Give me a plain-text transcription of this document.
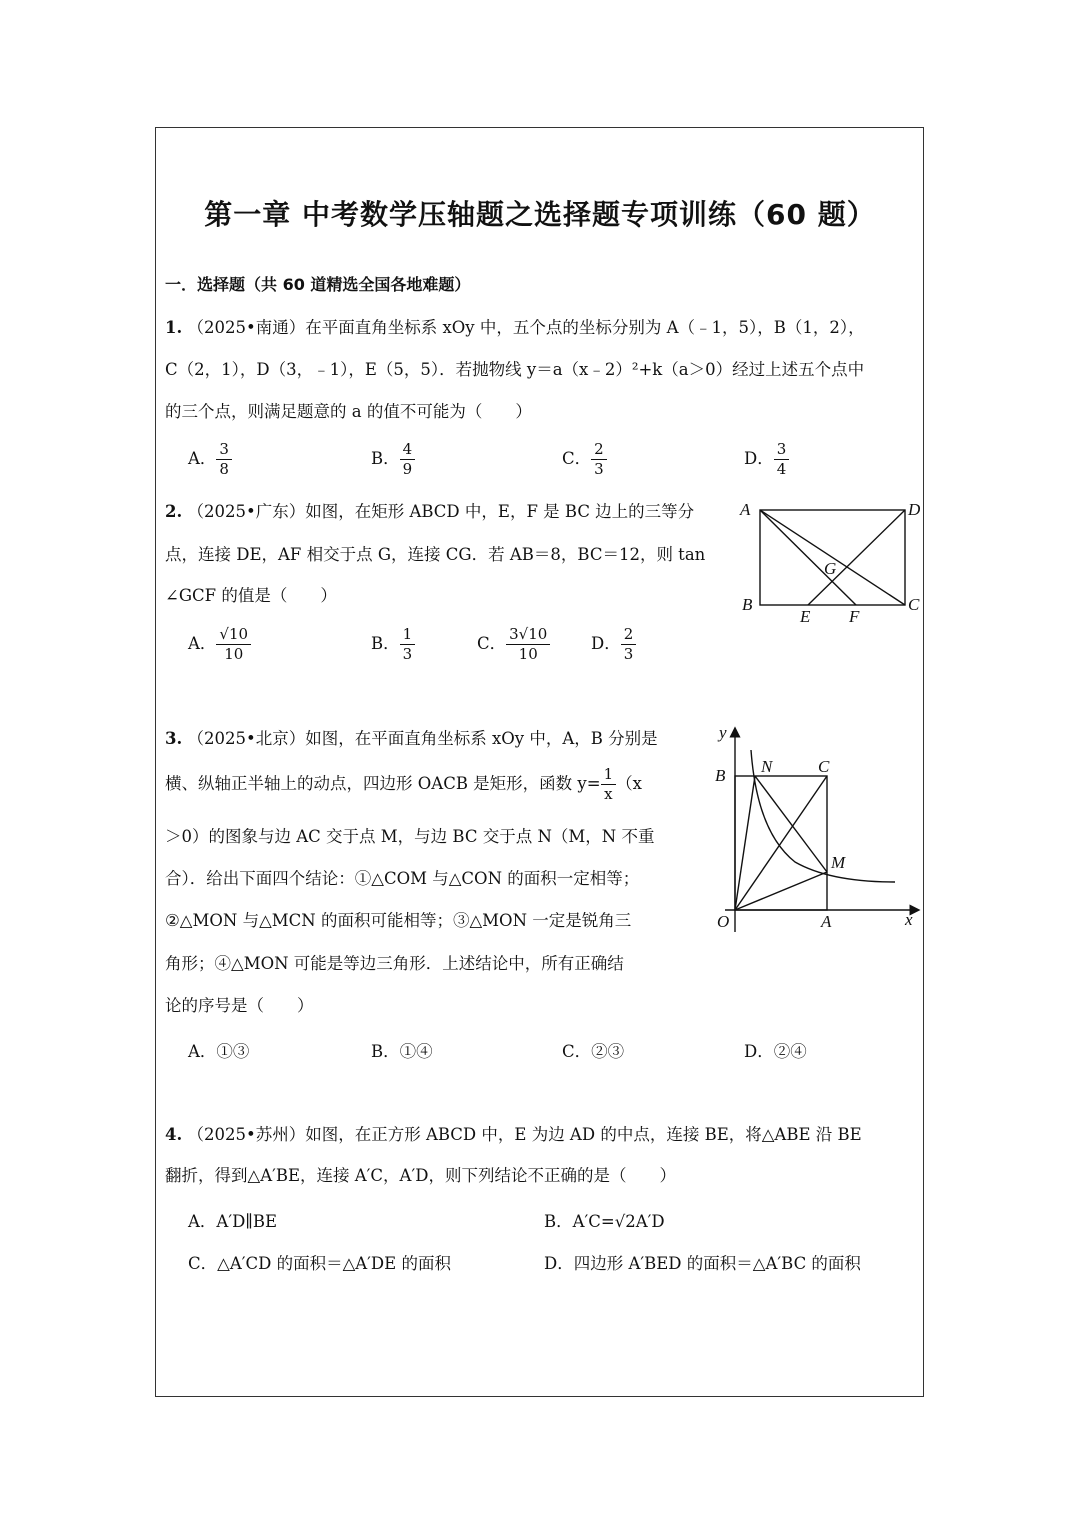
第一章 中考数学压轴题之选择题专项训练（60 题）
一．选择题（共 60 道精选全国各地难题）
1. （2025•南通）在平面直角坐标系 xOy 中，五个点的坐标分别为 A（﹣1，5），B（1，2），
C（2，1），D（3，﹣1），E（5，5）．若抛物线 y＝a（x﹣2）²+k（a＞0）经过上述五个点中
的三个点，则满足题意的 a 的值不可能为（　　）
A． $\frac{3}{8}$	B． $\frac{4}{9}$	C． $\frac{2}{3}$	D． $\frac{3}{4}$
2. （2025•广东）如图，在矩形 ABCD 中，E，F 是 BC 边上的三等分
点，连接 DE，AF 相交于点 G，连接 CG．若 AB＝8，BC＝12，则 tan
∠GCF 的值是（　　）
A	D
B	C
E F
G
A． $\frac{√10}{10}$	B． $\frac{1}{3}$	C． $\frac{3√10}{10}$ D． $\frac{2}{3}$
3. （2025•北京）如图，在平面直角坐标系 xOy 中，A，B 分别是
横、纵轴正半轴上的动点，四边形 OACB 是矩形，函数 $y= \frac{1}{x} (x$
＞0）的图象与边 AC 交于点 M，与边 BC 交于点 N（M，N 不重
合）．给出下面四个结论：①△COM 与△CON 的面积一定相等；
②△MON 与△MCN 的面积可能相等；③△MON 一定是锐角三
角形；④△MON 可能是等边三角形．上述结论中，所有正确结
论的序号是（　　）
y
B N	C
M
O	A	x
A．①③	B．①④	C．②③	D．②④
4. （2025•苏州）如图，在正方形 ABCD 中，E 为边 AD 的中点，连接 BE，将△ABE 沿 BE
翻折，得到△A′BE，连接 A′C，A′D，则下列结论不正确的是（　　）
A．A′D∥BE	B．A′C=√2A′D
C．△A′CD 的面积＝△A′DE 的面积	D．四边形 A′BED 的面积＝△A′BC 的面积
